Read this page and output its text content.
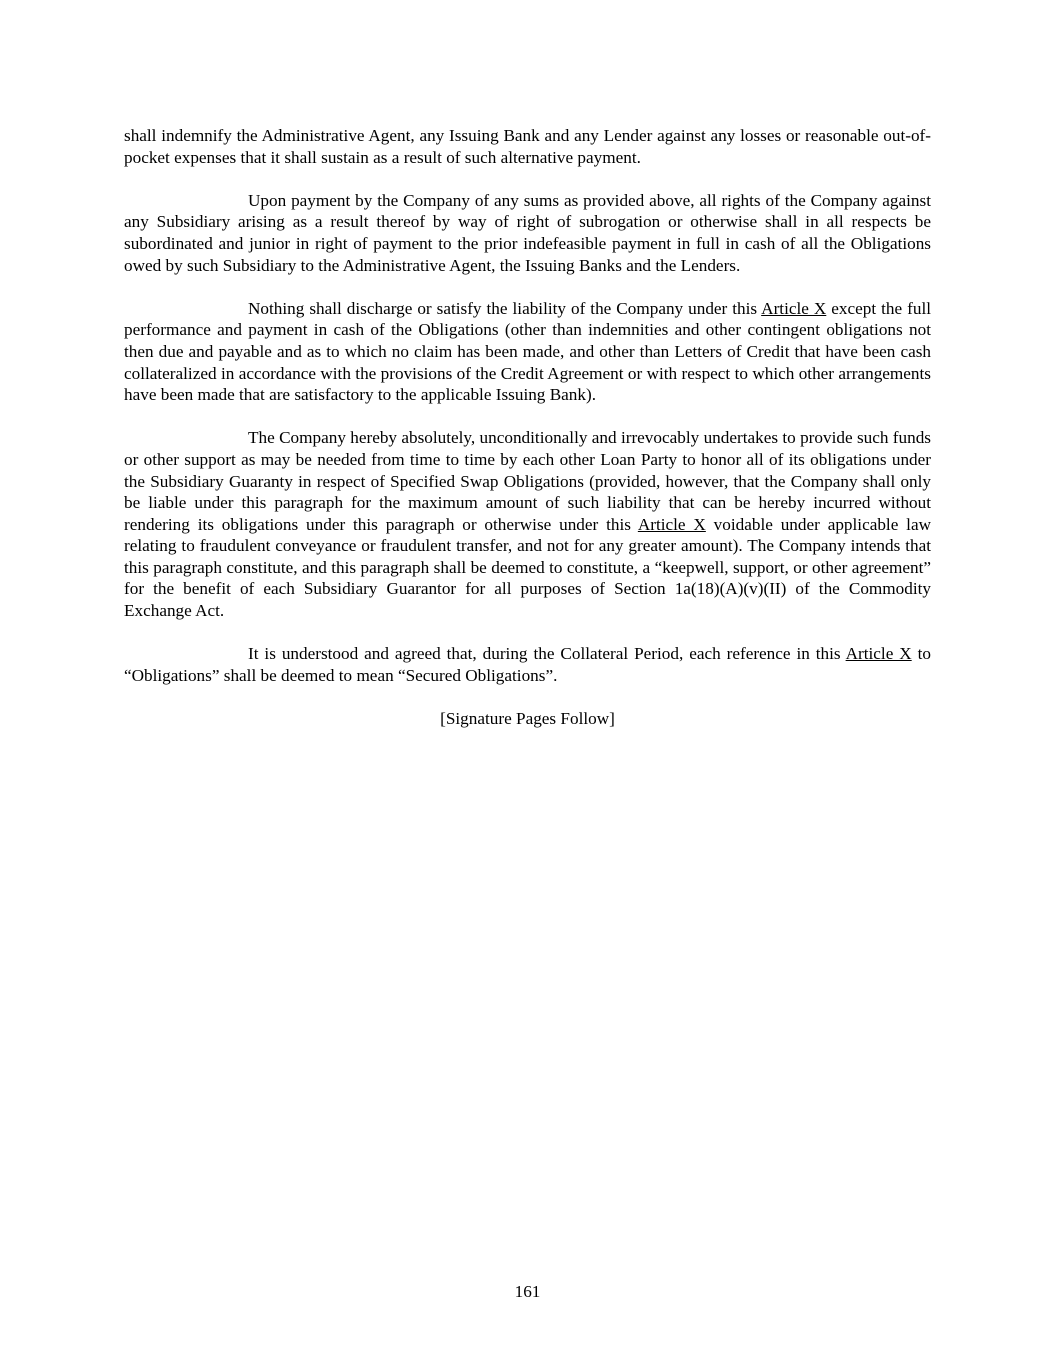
shall indemnify the Administrative Agent, any Issuing Bank and any Lender against any losses or reasonable out-of-pocket expenses that it shall sustain as a result of such alternative payment.

Upon payment by the Company of any sums as provided above, all rights of the Company against any Subsidiary arising as a result thereof by way of right of subrogation or otherwise shall in all respects be subordinated and junior in right of payment to the prior indefeasible payment in full in cash of all the Obligations owed by such Subsidiary to the Administrative Agent, the Issuing Banks and the Lenders.

Nothing shall discharge or satisfy the liability of the Company under this Article X except the full performance and payment in cash of the Obligations (other than indemnities and other contingent obligations not then due and payable and as to which no claim has been made, and other than Letters of Credit that have been cash collateralized in accordance with the provisions of the Credit Agreement or with respect to which other arrangements have been made that are satisfactory to the applicable Issuing Bank).

The Company hereby absolutely, unconditionally and irrevocably undertakes to provide such funds or other support as may be needed from time to time by each other Loan Party to honor all of its obligations under the Subsidiary Guaranty in respect of Specified Swap Obligations (provided, however, that the Company shall only be liable under this paragraph for the maximum amount of such liability that can be hereby incurred without rendering its obligations under this paragraph or otherwise under this Article X voidable under applicable law relating to fraudulent conveyance or fraudulent transfer, and not for any greater amount). The Company intends that this paragraph constitute, and this paragraph shall be deemed to constitute, a “keepwell, support, or other agreement” for the benefit of each Subsidiary Guarantor for all purposes of Section 1a(18)(A)(v)(II) of the Commodity Exchange Act.

It is understood and agreed that, during the Collateral Period, each reference in this Article X to “Obligations” shall be deemed to mean “Secured Obligations”.

[Signature Pages Follow]

161
